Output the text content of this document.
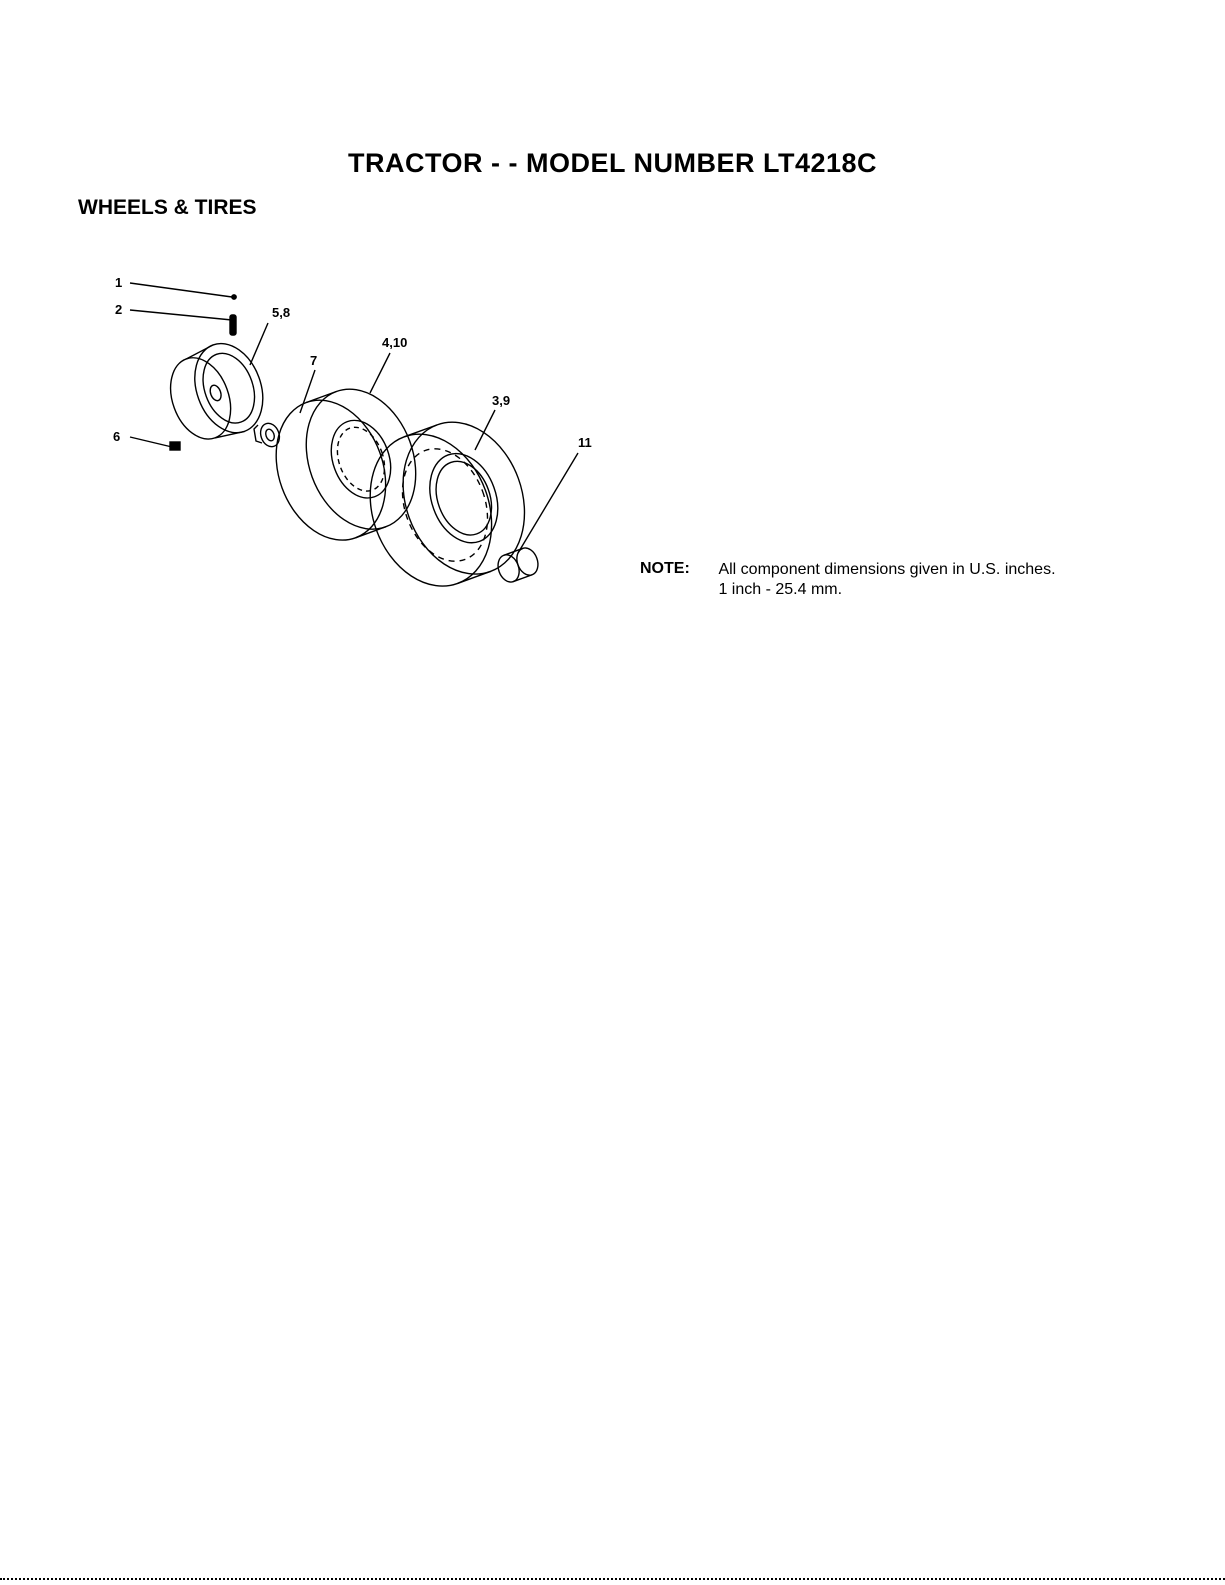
TRACTOR - - MODEL NUMBER LT4218C
WHEELS & TIRES
1
2	5,8
4,10
7
3,9
6	11
NOTE: All component dimensions given in U.S. inches.
1 inch - 25.4 mm.
